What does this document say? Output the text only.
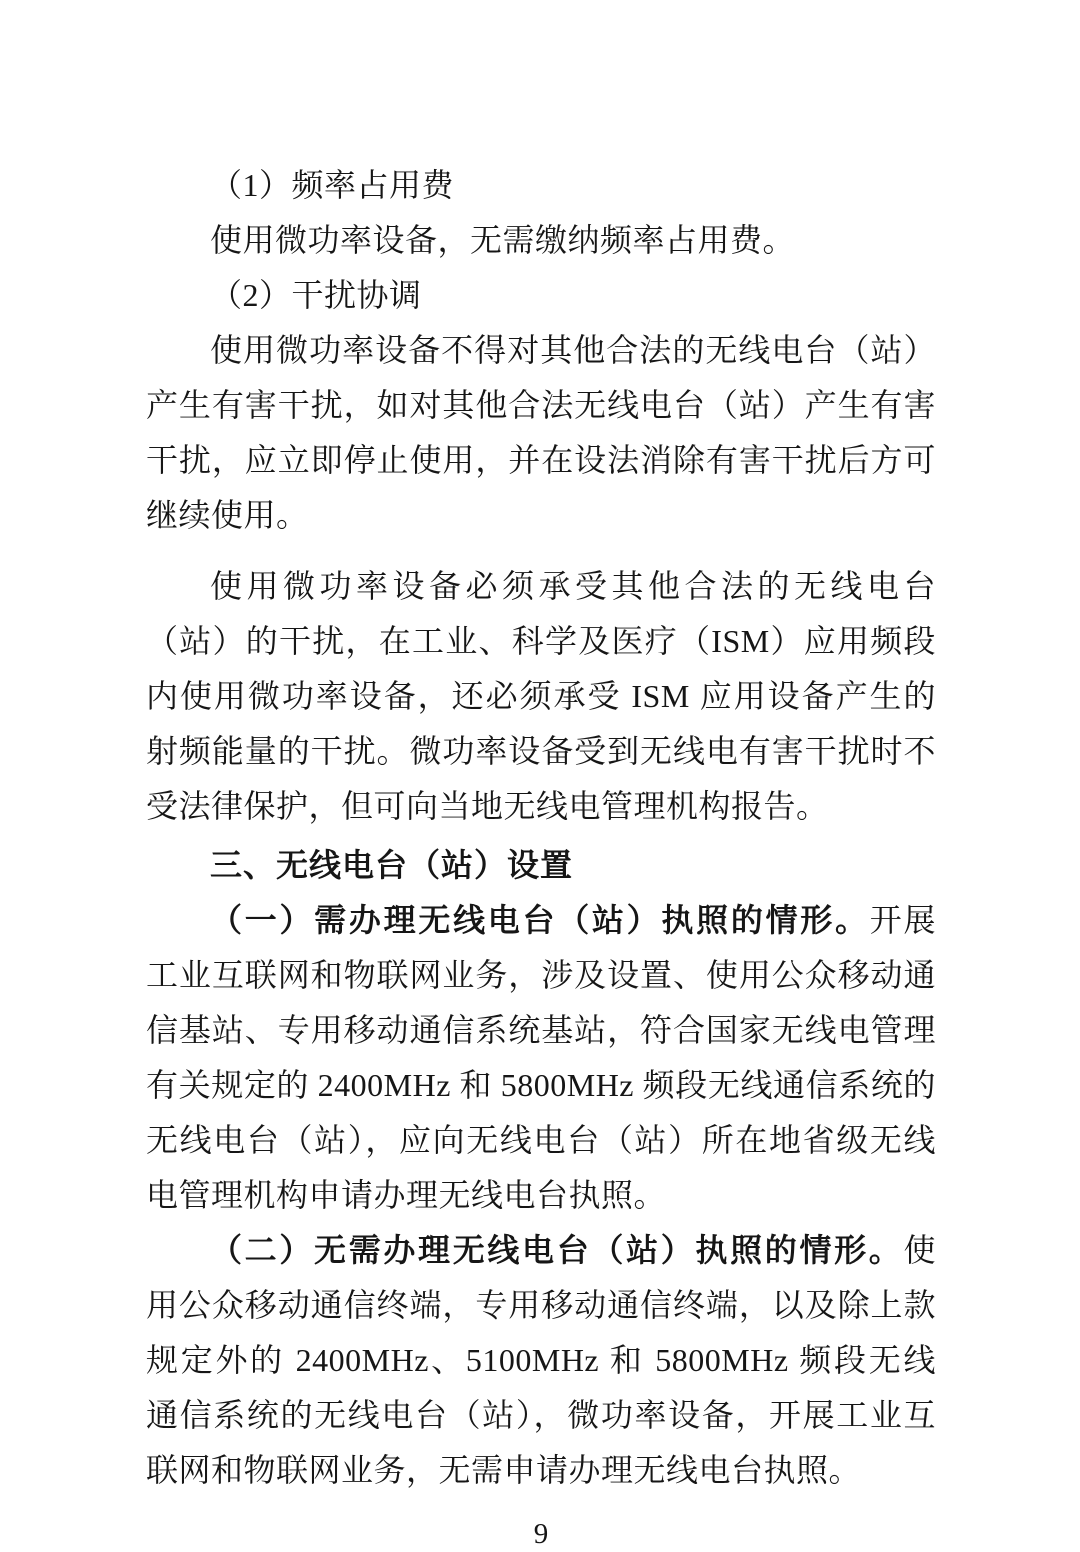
（1）频率占用费

使用微功率设备，无需缴纳频率占用费。

（2）干扰协调

使用微功率设备不得对其他合法的无线电台（站）产生有害干扰，如对其他合法无线电台（站）产生有害干扰，应立即停止使用，并在设法消除有害干扰后方可继续使用。

使用微功率设备必须承受其他合法的无线电台（站）的干扰，在工业、科学及医疗（ISM）应用频段内使用微功率设备，还必须承受 ISM 应用设备产生的射频能量的干扰。微功率设备受到无线电有害干扰时不受法律保护，但可向当地无线电管理机构报告。

三、无线电台（站）设置

（一）需办理无线电台（站）执照的情形。开展工业互联网和物联网业务，涉及设置、使用公众移动通信基站、专用移动通信系统基站，符合国家无线电管理有关规定的 2400MHz 和 5800MHz 频段无线通信系统的无线电台（站），应向无线电台（站）所在地省级无线电管理机构申请办理无线电台执照。

（二）无需办理无线电台（站）执照的情形。使用公众移动通信终端，专用移动通信终端，以及除上款规定外的 2400MHz、5100MHz 和 5800MHz 频段无线通信系统的无线电台（站），微功率设备，开展工业互联网和物联网业务，无需申请办理无线电台执照。

9
